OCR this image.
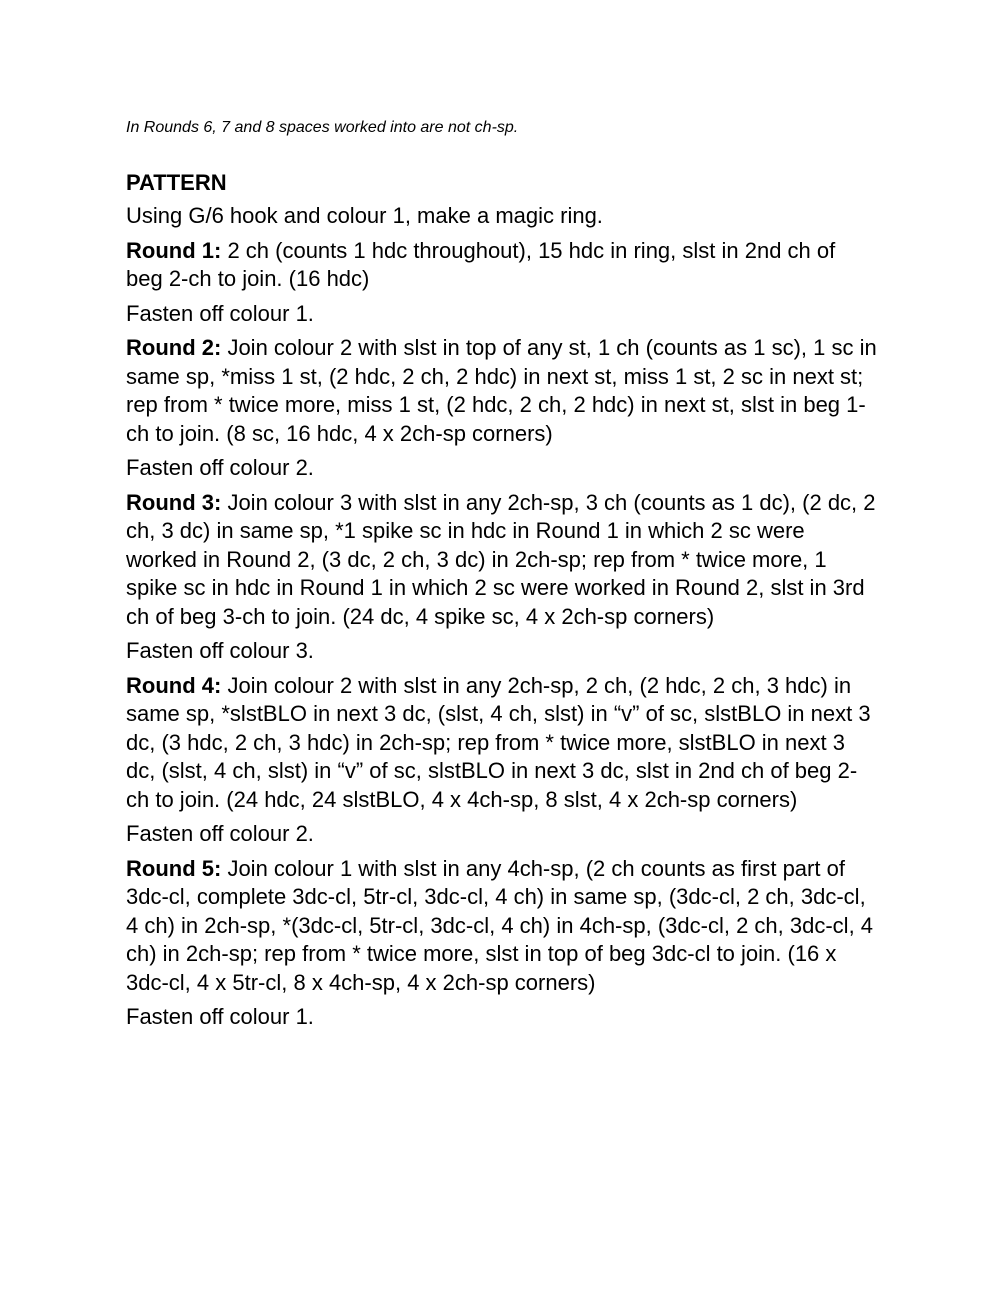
In Rounds 6, 7 and 8 spaces worked into are not ch-sp.
PATTERN

Using G/6 hook and colour 1, make a magic ring.

Round 1: 2 ch (counts 1 hdc throughout), 15 hdc in ring, slst in 2nd ch of beg 2-ch to join. (16 hdc)

Fasten off colour 1.

Round 2: Join colour 2 with slst in top of any st, 1 ch (counts as 1 sc), 1 sc in same sp, *miss 1 st, (2 hdc, 2 ch, 2 hdc) in next st, miss 1 st, 2 sc in next st; rep from * twice more, miss 1 st, (2 hdc, 2 ch, 2 hdc) in next st, slst in beg 1-ch to join. (8 sc, 16 hdc, 4 x 2ch-sp corners)

Fasten off colour 2.

Round 3: Join colour 3 with slst in any 2ch-sp, 3 ch (counts as 1 dc), (2 dc, 2 ch, 3 dc) in same sp, *1 spike sc in hdc in Round 1 in which 2 sc were worked in Round 2, (3 dc, 2 ch, 3 dc) in 2ch-sp; rep from * twice more, 1 spike sc in hdc in Round 1 in which 2 sc were worked in Round 2, slst in 3rd ch of beg 3-ch to join. (24 dc, 4 spike sc, 4 x 2ch-sp corners)

Fasten off colour 3.

Round 4: Join colour 2 with slst in any 2ch-sp, 2 ch, (2 hdc, 2 ch, 3 hdc) in same sp, *slstBLO in next 3 dc, (slst, 4 ch, slst) in “v” of sc, slstBLO in next 3 dc, (3 hdc, 2 ch, 3 hdc) in 2ch-sp; rep from * twice more, slstBLO in next 3 dc, (slst, 4 ch, slst) in “v” of sc, slstBLO in next 3 dc, slst in 2nd ch of beg 2-ch to join. (24 hdc, 24 slstBLO, 4 x 4ch-sp, 8 slst, 4 x 2ch-sp corners)

Fasten off colour 2.

Round 5: Join colour 1 with slst in any 4ch-sp, (2 ch counts as first part of 3dc-cl, complete 3dc-cl, 5tr-cl, 3dc-cl, 4 ch) in same sp, (3dc-cl, 2 ch, 3dc-cl, 4 ch) in 2ch-sp, *(3dc-cl, 5tr-cl, 3dc-cl, 4 ch) in 4ch-sp, (3dc-cl, 2 ch, 3dc-cl, 4 ch) in 2ch-sp; rep from * twice more, slst in top of beg 3dc-cl to join. (16 x 3dc-cl, 4 x 5tr-cl, 8 x 4ch-sp, 4 x 2ch-sp corners)

Fasten off colour 1.
